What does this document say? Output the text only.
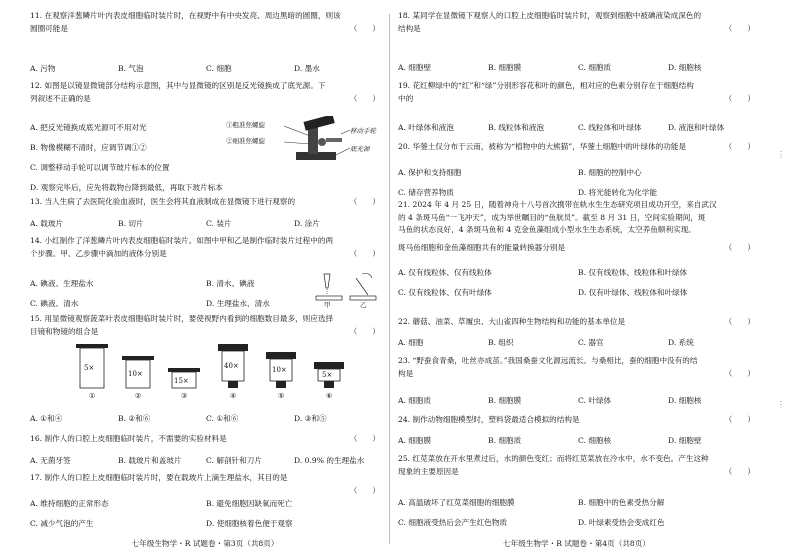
⋮
⋮
11. 在观察洋葱鳞片叶内表皮细胞临时装片时，在视野中有中央发亮、周边黑暗的圆圈，则该
圆圈可能是	（　　）
A. 污物	B. 气泡	C. 细胞	D. 墨水
12. 如图是以镜显微镜部分结构示意图，其中与显微镜的区别是反光镜换成了底光源。下
列叙述不正确的是	（　　）
A. 把反光镜换成底光源可不用对光
B. 物像模糊不清时，应调节调①②
C. 调整移动手轮可以调节玻片标本的位置
D. 观察完毕后，应先将载物台降到最低，再取下玻片标本
①粗准焦螺旋
②细准焦螺旋
移动手轮
底光源
13. 当人生病了去医院化验血液时，医生会将其血液制成在显微镜下进行观察的	（　　）
A. 载玻片	B. 切片	C. 装片	D. 涂片
14. 小红制作了洋葱鳞片叶内表皮细胞临时装片。如图中甲和乙是制作临时装片过程中的两
个步骤。甲、乙步骤中滴加的液体分别是	（　　）
A. 碘液、生理盐水	B. 清水、碘液
C. 碘液、清水	D. 生理盐水、清水	甲	乙
15. 用显微镜观察菠菜叶表皮细胞临时装片时，要使视野内看到的细胞数目最多，则应选择
目镜和物镜的组合是	（　　）
5×
10×
15×
40×	10×
5×
①	②	③	④	⑤	⑥
A. ①和④	B. ②和⑥	C. ①和⑥	D. ③和⑤
16. 制作人的口腔上皮细胞临时装片，不需要的实验材料是	（　　）
A. 无菌牙签	B. 载玻片和盖玻片	C. 解剖针和刀片	D. 0.9% 的生理盐水
17. 制作人的口腔上皮细胞临时装片时，要在载玻片上滴生理盐水，其目的是
（　　）
A. 维持细胞的正常形态	B. 避免细胞因缺氧而死亡
C. 减少气泡的产生	D. 使细胞核着色便于观察
七年级生物学・R 试题卷・第3页（共8页）
18. 某同学在显微镜下观察人的口腔上皮细胞临时装片时，观察到细胞中被碘液染成深色的
结构是	（　　）
A. 细胞壁	B. 细胞膜	C. 细胞质	D. 细胞核
19. 花红柳绿中的“红”和“绿”分别形容花和叶的颜色，相对应的色素分别存在于细胞结构
中的	（　　）
A. 叶绿体和液泡	B. 线粒体和液泡	C. 线粒体和叶绿体	D. 液泡和叶绿体
20. 华蓥土仅分布于云南，被称为“植物中的大熊猫”，华蓥土细胞中的叶绿体的功能是	（　　）
A. 保护和支持细胞	B. 细胞的控制中心
C. 储存营养物质	D. 将光能转化为化学能
21. 2024 年 4 月 25 日，随着神舟十八号首次携带在轨水生生态研究项目成功开空，来自武汉
的 4 条斑马鱼“一飞冲天”，成为举世瞩目的“鱼航员”。截至 8 月 31 日，空间实验期间，斑
马鱼的状态良好，4 条斑马鱼和 4 克金鱼藻组成小型水生生态系统，太空养鱼顺利实现。
斑马鱼细胞和金鱼藻细胞共有的能量转换器分别是	（　　）
A. 仅有线粒体、仅有线粒体	B. 仅有线粒体、线粒体和叶绿体
C. 仅有线粒体、仅有叶绿体	D. 仅有叶绿体、线粒体和叶绿体
22. 蘑菇、油菜、草履虫、大山雀四种生物结构和功能的基本单位是	（　　）
A. 细胞	B. 组织	C. 器官	D. 系统
23. “野蚕食青桑，吐丝亦成茧。”我国桑蚕文化源远流长。与桑相比，蚕的细胞中没有的结
构是	（　　）
A. 细胞质	B. 细胞膜	C. 叶绿体	D. 细胞核
24. 制作动物细胞模型时，塑料袋最适合模拟的结构是	（　　）
A. 细胞膜	B. 细胞质	C. 细胞核	D. 细胞壁
25. 红苋菜放在开水里煮过后，水的颜色变红；而将红苋菜放在冷水中，水不变色。产生这种
现象的主要原因是	（　　）
A. 高温破坏了红苋菜细胞的细胞膜	B. 细胞中的色素受热分解
C. 细胞液受热后会产生红色物质	D. 叶绿素受热会变成红色
七年级生物学・R 试题卷・第4页（共8页）
